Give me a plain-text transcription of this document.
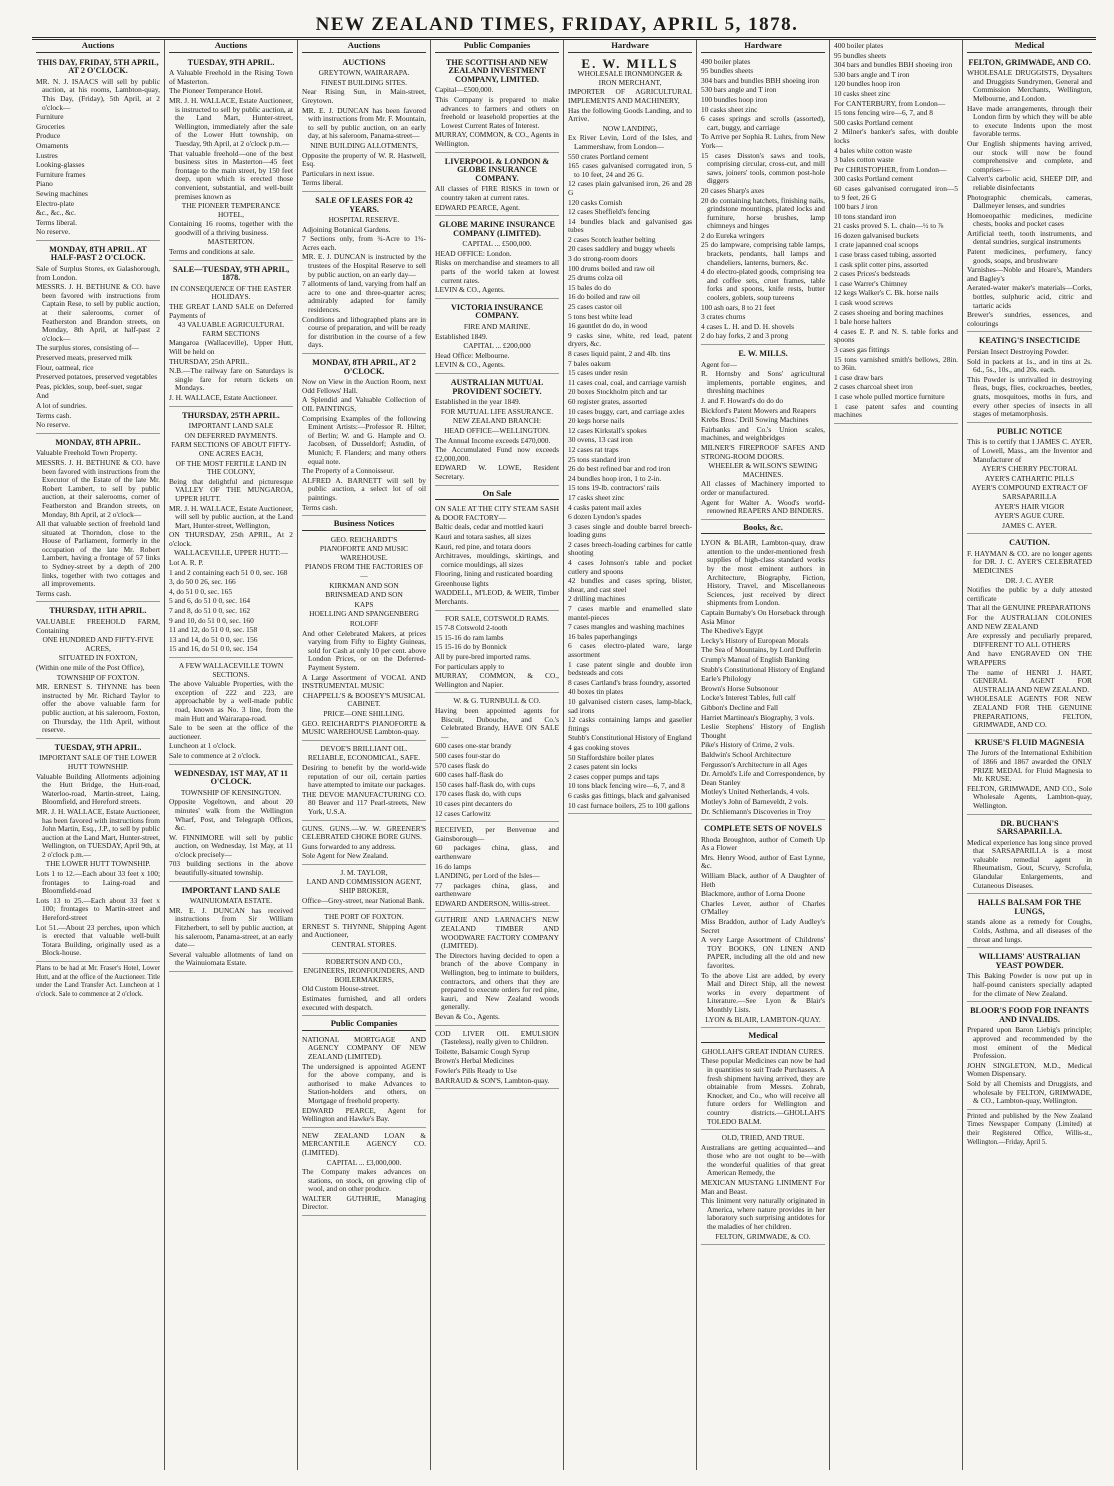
NEW ZEALAND TIMES, FRIDAY, APRIL 5, 1878.
Auctions
THIS DAY, FRIDAY, 5TH APRIL, AT 2 O'CLOCK.

MR. N. J. ISAACS will sell by public auction, at his rooms, Lambton-quay, This Day, (Friday), 5th April, at 2 o'clock—

Furniture

Groceries

Produce

Ornaments

Lustres

Looking-glasses

Furniture frames

Piano

Sewing machines

Electro-plate

&c., &c., &c.

Terms liberal.

No reserve.

MONDAY, 8TH APRIL. AT HALF-PAST 2 O'CLOCK.

Sale of Surplus Stores, ex Galashorough, from London.

MESSRS. J. H. BETHUNE & CO. have been favored with instructions from Captain Rese, to sell by public auction, at their salerooms, corner of Featherston and Brandon streets, on Monday, 8th April, at half-past 2 o'clock—

The surplus stores, consisting of—

Preserved meats, preserved milk

Flour, oatmeal, rice

Preserved potatoes, preserved vegetables

Peas, pickles, soup, beef-suet, sugar

And

A lot of sundries.

Terms cash.

No reserve.

MONDAY, 8TH APRIL.

Valuable Freehold Town Property.

MESSRS. J. H. BETHUNE & CO. have been favored with instructions from the Executor of the Estate of the late Mr. Robert Lambert, to sell by public auction, at their salerooms, corner of Featherston and Brandon streets, on Monday, 8th April, at 2 o'clock—

All that valuable section of freehold land situated at Thorndon, close to the House of Parliament, formerly in the occupation of the late Mr. Robert Lambert, having a frontage of 57 links to Sydney-street by a depth of 200 links, together with two cottages and all improvements.

Terms cash.

THURSDAY, 11TH APRIL.

VALUABLE FREEHOLD FARM, Containing

ONE HUNDRED AND FIFTY-FIVE ACRES,

SITUATED IN FOXTON,

(Within one mile of the Post Office),

TOWNSHIP OF FOXTON.

MR. ERNEST S. THYNNE has been instructed by Mr. Richard Taylor to offer the above valuable farm for public auction, at his saleroom, Foxton, on Thursday, the 11th April, without reserve.

TUESDAY, 9TH APRIL.

IMPORTANT SALE OF THE LOWER HUTT TOWNSHIP.

Valuable Building Allotments adjoining the Hutt Bridge, the Hutt-road, Waterloo-road, Martin-street, Laing, Bloomfield, and Hereford streets.

MR. J. H. WALLACE, Estate Auctioneer, has been favored with instructions from John Martin, Esq., J.P., to sell by public auction at the Land Mart, Hunter-street, Wellington, on TUESDAY, April 9th, at 2 o'clock p.m.—

THE LOWER HUTT TOWNSHIP.

Lots 1 to 12.—Each about 33 feet x 100; frontages to Laing-road and Bloomfield-road

Lots 13 to 25.—Each about 33 feet x 100; frontages to Martin-street and Hereford-street

Lot 51.—About 23 perches, upon which is erected that valuable well-built Totara Building, originally used as a Block-house.

Plans to be had at Mr. Fraser's Hotel, Lower Hutt, and at the office of the Auctioneer. Title under the Land Transfer Act. Luncheon at 1 o'clock. Sale to commence at 2 o'clock.
Auctions
TUESDAY, 9TH APRIL.

A Valuable Freehold in the Rising Town of Masterton.

The Pioneer Temperance Hotel.

MR. J. H. WALLACE, Estate Auctioneer, is instructed to sell by public auction, at the Land Mart, Hunter-street, Wellington, immediately after the sale of the Lower Hutt township, on Tuesday, 9th April, at 2 o'clock p.m.—

That valuable freehold—one of the best business sites in Masterton—45 feet frontage to the main street, by 150 feet deep, upon which is erected those convenient, substantial, and well-built premises known as

THE PIONEER TEMPERANCE HOTEL,

Containing 16 rooms, together with the goodwill of a thriving business.

MASTERTON.

Terms and conditions at sale.

SALE—TUESDAY, 9TH APRIL, 1878.

IN CONSEQUENCE OF THE EASTER HOLIDAYS.

THE GREAT LAND SALE on Deferred Payments of

43 VALUABLE AGRICULTURAL FARM SECTIONS

Mangaroa (Wallaceville), Upper Hutt, Will be held on

THURSDAY, 25th APRIL.

N.B.—The railway fare on Saturdays is single fare for return tickets on Mondays.

J. H. WALLACE, Estate Auctioneer.

THURSDAY, 25TH APRIL.

IMPORTANT LAND SALE

ON DEFERRED PAYMENTS.

FARM SECTIONS OF ABOUT FIFTY-ONE ACRES EACH,

OF THE MOST FERTILE LAND IN THE COLONY,

Being that delightful and picturesque VALLEY OF THE MUNGAROA, UPPER HUTT.

MR. J. H. WALLACE, Estate Auctioneer, will sell by public auction, at the Land Mart, Hunter-street, Wellington,

ON THURSDAY, 25th APRIL, At 2 o'clock.

WALLACEVILLE, UPPER HUTT:—

Lot A. R. P.

1 and 2 containing each 51 0 0, sec. 168

3, do 50 0 26, sec. 166

4, do 51 0 0, sec. 165

5 and 6, do 51 0 0, sec. 164

7 and 8, do 51 0 0, sec. 162

9 and 10, do 51 0 0, sec. 160

11 and 12, do 51 0 0, sec. 158

13 and 14, do 51 0 0, sec. 156

15 and 16, do 51 0 0, sec. 154

A FEW WALLACEVILLE TOWN SECTIONS.

The above Valuable Properties, with the exception of 222 and 223, are approachable by a well-made public road, known as No. 3 line, from the main Hutt and Wairarapa-road.

Sale to be seen at the office of the auctioneer.

Luncheon at 1 o'clock.

Sale to commence at 2 o'clock.

WEDNESDAY, 1ST MAY, AT 11 O'CLOCK.

TOWNSHIP OF KENSINGTON.

Opposite Vogeltown, and about 20 minutes' walk from the Wellington Wharf, Post, and Telegraph Offices, &c.

W. FINNIMORE will sell by public auction, on Wednesday, 1st May, at 11 o'clock precisely—

703 building sections in the above beautifully-situated township.

IMPORTANT LAND SALE

WAINUIOMATA ESTATE.

MR. E. J. DUNCAN has received instructions from Sir William Fitzherbert, to sell by public auction, at his saleroom, Panama-street, at an early date—

Several valuable allotments of land on the Wainuiomata Estate.

Auctions
AUCTIONS

GREYTOWN, WAIRARAPA.

FINEST BUILDING SITES.

Near Rising Sun, in Main-street, Greytown.

MR. E. J. DUNCAN has been favored with instructions from Mr. F. Mountain, to sell by public auction, on an early day, at his saleroom, Panama-street—

NINE BUILDING ALLOTMENTS,

Opposite the property of W. R. Hastwell, Esq.

Particulars in next issue.

Terms liberal.

SALE OF LEASES FOR 42 YEARS.

HOSPITAL RESERVE.

Adjoining Botanical Gardens.

7 Sections only, from ¾-Acre to 1¾-Acres each.

MR. E. J. DUNCAN is instructed by the trustees of the Hospital Reserve to sell by public auction, on an early day—

7 allotments of land, varying from half an acre to one and three-quarter acres; admirably adapted for family residences.

Conditions and lithographed plans are in course of preparation, and will be ready for distribution in the course of a few days.

MONDAY, 8TH APRIL, AT 2 O'CLOCK.

Now on View in the Auction Room, next Odd Fellows' Hall.

A Splendid and Valuable Collection of OIL PAINTINGS,

Comprising Examples of the following Eminent Artists:—Professor R. Hilter, of Berlin; W. and G. Hample and O. Jacobsen, of Dusseldorf; Astudin, of Munich; F. Flanders; and many others equal note.

The Property of a Connoisseur.

ALFRED A. BARNETT will sell by public auction, a select lot of oil paintings.

Terms cash.

Business Notices

GEO. REICHARDT'S

PIANOFORTE AND MUSIC WAREHOUSE.

PIANOS FROM THE FACTORIES OF—

KIRKMAN AND SON

BRINSMEAD AND SON

KAPS

HOELLING AND SPANGENBERG

ROLOFF

And other Celebrated Makers, at prices varying from Fifty to Eighty Guineas, sold for Cash at only 10 per cent. above London Prices, or on the Deferred-Payment System.

A Large Assortment of VOCAL AND INSTRUMENTAL MUSIC

CHAPPELL'S & BOOSEY'S MUSICAL CABINET.

PRICE—ONE SHILLING.

GEO. REICHARDT'S PIANOFORTE & MUSIC WAREHOUSE Lambton-quay.

DEVOE'S BRILLIANT OIL.

RELIABLE, ECONOMICAL, SAFE.

Desiring to benefit by the world-wide reputation of our oil, certain parties have attempted to imitate our packages.

THE DEVOE MANUFACTURING CO. 80 Beaver and 117 Pearl-streets, New York, U.S.A.

GUNS. GUNS.—W. W. GREENER'S CELEBRATED CHOKE BORE GUNS.

Guns forwarded to any address.

Sole Agent for New Zealand.

J. M. TAYLOR,

LAND AND COMMISSION AGENT, SHIP BROKER,

Office—Grey-street, near National Bank.

THE PORT OF FOXTON.

ERNEST S. THYNNE, Shipping Agent and Auctioneer,

CENTRAL STORES.

ROBERTSON AND CO.,

ENGINEERS, IRONFOUNDERS, AND BOILERMAKERS,

Old Custom House-street.

Estimates furnished, and all orders executed with despatch.

Public Companies

NATIONAL MORTGAGE AND AGENCY COMPANY OF NEW ZEALAND (LIMITED).

The undersigned is appointed AGENT for the above company, and is authorised to make Advances to Station-holders and others, on Mortgage of freehold property.

EDWARD PEARCE, Agent for Wellington and Hawke's Bay.

NEW ZEALAND LOAN & MERCANTILE AGENCY CO. (LIMITED).

CAPITAL ... £3,000,000.

The Company makes advances on stations, on stock, on growing clip of wool, and on other produce.

WALTER GUTHRIE, Managing Director.

Public Companies
THE SCOTTISH AND NEW ZEALAND INVESTMENT COMPANY, LIMITED.

Capital—£500,000.

This Company is prepared to make advances to farmers and others on freehold or leasehold properties at the Lowest Current Rates of Interest.

MURRAY, COMMON, & CO., Agents in Wellington.

LIVERPOOL & LONDON & GLOBE INSURANCE COMPANY.

All classes of FIRE RISKS in town or country taken at current rates.

EDWARD PEARCE, Agent.

GLOBE MARINE INSURANCE COMPANY (LIMITED).

CAPITAL ... £500,000.

HEAD OFFICE: London.

Risks on merchandise and steamers to all parts of the world taken at lowest current rates.

LEVIN & CO., Agents.

VICTORIA INSURANCE COMPANY.

FIRE AND MARINE.

Established 1849.

CAPITAL ... £200,000

Head Office: Melbourne.

LEVIN & CO., Agents.

AUSTRALIAN MUTUAL PROVIDENT SOCIETY.

Established in the year 1849.

FOR MUTUAL LIFE ASSURANCE.

NEW ZEALAND BRANCH:

HEAD OFFICE—WELLINGTON.

The Annual Income exceeds £470,000.

The Accumulated Fund now exceeds £2,000,000.

EDWARD W. LOWE, Resident Secretary.

On Sale

ON SALE AT THE CITY STEAM SASH & DOOR FACTORY—

Baltic deals, cedar and mottled kauri

Kauri and totara sashes, all sizes

Kauri, red pine, and totara doors

Architraves, mouldings, skirtings, and cornice mouldings, all sizes

Flooring, lining and rusticated boarding

Greenhouse lights

WADDELL, M'LEOD, & WEIR, Timber Merchants.

FOR SALE, COTSWOLD RAMS.

15 7-8 Cotswold 2-tooth

15 15-16 do ram lambs

15 15-16 do by Bonnick

All by pure-bred imported rams.

For particulars apply to

MURRAY, COMMON, & CO., Wellington and Napier.

W. & G. TURNBULL & CO.

Having been appointed agents for Biscuit, Dubouche, and Co.'s Celebrated Brandy, HAVE ON SALE—

600 cases one-star brandy

500 cases four-star do

570 cases flask do

600 cases half-flask do

150 cases half-flask do, with cups

170 cases flask do, with cups

10 cases pint decanters do

12 cases Carlowitz

RECEIVED, per Benvenue and Gainsborough—

60 packages china, glass, and earthenware

16 do lamps

LANDING, per Lord of the Isles—

77 packages china, glass, and earthenware

EDWARD ANDERSON, Willis-street.

GUTHRIE AND LARNACH'S NEW ZEALAND TIMBER AND WOODWARE FACTORY COMPANY (LIMITED).

The Directors having decided to open a branch of the above Company in Wellington, beg to intimate to builders, contractors, and others that they are prepared to execute orders for red pine, kauri, and New Zealand woods generally.

Bevan & Co., Agents.

COD LIVER OIL EMULSION (Tasteless), really given to Children.

Toilette, Balsamic Cough Syrup

Brown's Herbal Medicines

Fowler's Pills Ready to Use

BARRAUD & SON'S, Lambton-quay.

Hardware
E. W. MILLS

WHOLESALE IRONMONGER & IRON MERCHANT,

IMPORTER OF AGRICULTURAL IMPLEMENTS AND MACHINERY,

Has the following Goods Landing, and to Arrive.

NOW LANDING,

Ex River Levin, Lord of the Isles, and Lammershaw, from London—

550 crates Portland cement

165 cases galvanised corrugated iron, 5 to 10 feet, 24 and 26 G.

12 cases plain galvanised iron, 26 and 28 G

120 casks Cornish

12 cases Sheffield's fencing

14 bundles black and galvanised gas tubes

2 cases Scotch leather belting

20 cases saddlery and buggy wheels

3 do strong-room doors

100 drums boiled and raw oil

25 drums colza oil

15 bales do do

16 do boiled and raw oil

25 cases castor oil

5 tons best white lead

16 gauntlet do do, in wood

9 casks sine, white, red lead, patent dryers, &c.

8 cases liquid paint, 2 and 4lb. tins

7 bales oakum

15 cases under resin

11 cases coal, coal, and carriage varnish

20 boxes Stockholm pitch and tar

60 register grates, assorted

10 cases buggy, cart, and carriage axles

20 kegs horse nails

12 cases Kirkstall's spokes

30 ovens, 13 cast iron

12 cases rat traps

25 tons standard iron

26 do best refined bar and rod iron

24 bundles hoop iron, 1 to 2-in.

15 tons 19-lb. contractors' rails

17 casks sheet zinc

4 casks patent mail axles

6 dozen Lyndon's spades

3 cases single and double barrel breech-loading guns

2 cases breech-loading carbines for cattle shooting

4 cases Johnson's table and pocket cutlery and spoons

42 bundles and cases spring, blister, shear, and cast steel

2 drilling machines

7 cases marble and enamelled slate mantel-pieces

7 cases mangles and washing machines

16 bales paperhangings

6 cases electro-plated ware, large assortment

1 case patent single and double iron bedsteads and cots

8 cases Cartland's brass foundry, assorted

40 boxes tin plates

10 galvanised cistern cases, lamp-black, sad irons

12 casks containing lamps and gaselier fittings

Stubb's Constitutional History of England

4 gas cooking stoves

50 Staffordshire boiler plates

2 cases patent sin locks

2 cases copper pumps and taps

10 tons black fencing wire—6, 7, and 8

6 casks gas fittings, black and galvanised

10 cast furnace boilers, 25 to 100 gallons

Hardware

490 boiler plates

95 bundles sheets

304 bars and bundles BBH shoeing iron

530 bars angle and T iron

100 bundles hoop iron

10 casks sheet zinc

6 cases springs and scrolls (assorted), cart, buggy, and carriage

To Arrive per Sophia R. Luhrs, from New York—

15 cases Disston's saws and tools, comprising circular, cross-cut, and mill saws, joiners' tools, common post-hole diggers

20 cases Sharp's axes

20 do containing hatchets, finishing nails, grindstone mountings, plated locks and furniture, horse brushes, lamp chimneys and hinges

2 do Eureka wringers

25 do lampware, comprising table lamps, brackets, pendants, hall lamps and chandeliers, lanterns, burners, &c.

4 do electro-plated goods, comprising tea and coffee sets, cruet frames, table forks and spoons, knife rests, butter coolers, goblets, soup tureens

100 ash oars, 8 to 21 feet

3 crates churns

4 cases L. H. and D. H. shovels

2 do hay forks, 2 and 3 prong

E. W. MILLS.

Agent for—

R. Hornsby and Sons' agricultural implements, portable engines, and threshing machines

J. and F. Howard's do do do

Bickford's Patent Mowers and Reapers

Krebs Bros.' Drill Sowing Machines

Fairbanks and Co.'s Union scales, machines, and weighbridges

MILNER'S FIREPROOF SAFES AND STRONG-ROOM DOORS.

WHEELER & WILSON'S SEWING MACHINES.

All classes of Machinery imported to order or manufactured.

Agent for Walter A. Wood's world-renowned REAPERS AND BINDERS.

Books, &c.

LYON & BLAIR, Lambton-quay, draw attention to the under-mentioned fresh supplies of high-class standard works by the most eminent authors in Architecture, Biography, Fiction, History, Travel, and Miscellaneous Sciences, just received by direct shipments from London.

Captain Burnaby's On Horseback through Asia Minor

The Khedive's Egypt

Lecky's History of European Morals

The Sea of Mountains, by Lord Dufferin

Crump's Manual of English Banking

Stubb's Constitutional History of England

Earle's Philology

Brown's Horse Subsonour

Locke's Interest Tables, full calf

Gibbon's Decline and Fall

Harriet Martineau's Biography, 3 vols.

Leslie Stephens' History of English Thought

Pike's History of Crime, 2 vols.

Baldwin's School Architecture

Fergusson's Architecture in all Ages

Dr. Arnold's Life and Correspondence, by Dean Stanley

Motley's United Netherlands, 4 vols.

Motley's John of Barneveldt, 2 vols.

Dr. Schliemann's Discoveries in Troy

COMPLETE SETS OF NOVELS

Rhoda Broughton, author of Cometh Up As a Flower

Mrs. Henry Wood, author of East Lynne, &c.

William Black, author of A Daughter of Heth

Blackmore, author of Lorna Doone

Charles Lever, author of Charles O'Malley

Miss Braddon, author of Lady Audley's Secret

A very Large Assortment of Childrens' TOY BOOKS, ON LINEN AND PAPER, including all the old and new favorites.

To the above List are added, by every Mail and Direct Ship, all the newest works in every department of Literature.—See Lyon & Blair's Monthly Lists.

LYON & BLAIR, LAMBTON-QUAY.

Medical

GHOLLAH'S GREAT INDIAN CURES.

These popular Medicines can now be had in quantities to suit Trade Purchasers. A fresh shipment having arrived, they are obtainable from Messrs. Zohrab, Knocker, and Co., who will receive all future orders for Wellington and country districts.—GHOLLAH'S TOLEDO BALM.

OLD, TRIED, AND TRUE.

Australians are getting acquainted—and those who are not ought to be—with the wonderful qualities of that great American Remedy, the

MEXICAN MUSTANG LINIMENT For Man and Beast.

This liniment very naturally originated in America, where nature provides in her laboratory such surprising antidotes for the maladies of her children.

FELTON, GRIMWADE, & CO.

400 boiler plates

95 bundles sheets

304 bars and bundles BBH shoeing iron

530 bars angle and T iron

120 bundles hoop iron

10 casks sheet zinc

For CANTERBURY, from London—

15 tons fencing wire—6, 7, and 8

500 casks Portland cement

2 Milner's banker's safes, with double locks

4 bales white cotton waste

3 bales cotton waste

Per CHRISTOPHER, from London—

300 casks Portland cement

60 cases galvanised corrugated iron—5 to 9 feet, 26 G

100 bars J iron

10 tons standard iron

21 casks proved S. L. chain—½ to ⅞

16 dozen galvanised buckets

1 crate japanned coal scoops

1 case brass cased tubing, assorted

1 cask split cotter pins, assorted

2 cases Prices's bedsteads

1 case Warrer's Chimney

12 kegs Walker's C. Bk. horse nails

1 cask wood screws

2 cases shoeing and boring machines

1 bale horse halters

4 cases E. P. and N. S. table forks and spoons

3 cases gas fittings

15 tons varnished smith's bellows, 28in. to 36in.

1 case draw bars

2 cases charcoal sheet iron

1 case whole pulled mortice furniture

1 case patent safes and counting machines

Medical
FELTON, GRIMWADE, AND CO.

WHOLESALE DRUGGISTS, Drysalters and Druggists Sundrymen, General and Commission Merchants, Wellington, Melbourne, and London.

Have made arrangements, through their London firm by which they will be able to execute Indents upon the most favorable terms.

Our English shipments having arrived, our stock will now be found comprehensive and complete, and comprises—

Calvert's carbolic acid, SHEEP DIP, and reliable disinfectants

Photographic chemicals, cameras, Dallmeyer lenses, and sundries

Homoeopathic medicines, medicine chests, books and pocket cases

Artificial teeth, tooth instruments, and dental sundries, surgical instruments

Patent medicines, perfumery, fancy goods, soaps, and brushware

Varnishes—Noble and Hoare's, Manders and Bagley's

Aerated-water maker's materials—Corks, bottles, sulphuric acid, citric and tartaric acids

Brewer's sundries, essences, and colourings

KEATING'S INSECTICIDE

Persian Insect Destroying Powder.

Sold in packets at 1s., and in tins at 2s. 6d., 5s., 10s., and 20s. each.

This Powder is unrivalled in destroying fleas, bugs, flies, cockroaches, beetles, gnats, mosquitoes, moths in furs, and every other species of insects in all stages of metamorphosis.

PUBLIC NOTICE

This is to certify that I JAMES C. AYER, of Lowell, Mass., am the Inventor and Manufacturer of

AYER'S CHERRY PECTORAL

AYER'S CATHARTIC PILLS

AYER'S COMPOUND EXTRACT OF SARSAPARILLA

AYER'S HAIR VIGOR

AYER'S AGUE CURE.

JAMES C. AYER.

CAUTION.

F. HAYMAN & CO. are no longer agents for DR. J. C. AYER'S CELEBRATED MEDICINES

DR. J. C. AYER

Notifies the public by a duly attested certificate

That all the GENUINE PREPARATIONS

For the AUSTRALIAN COLONIES AND NEW ZEALAND

Are expressly and peculiarly prepared, DIFFERENT TO ALL OTHERS

And have ENGRAVED ON THE WRAPPERS

The name of HENRI J. HART, GENERAL AGENT FOR AUSTRALIA AND NEW ZEALAND.

WHOLESALE AGENTS FOR NEW ZEALAND FOR THE GENUINE PREPARATIONS, FELTON, GRIMWADE, AND CO.

KRUSE'S FLUID MAGNESIA

The Jurors of the International Exhibition of 1866 and 1867 awarded the ONLY PRIZE MEDAL for Fluid Magnesia to Mr. KRUSE.

FELTON, GRIMWADE, AND CO., Sole Wholesale Agents, Lambton-quay, Wellington.

DR. BUCHAN'S SARSAPARILLA.

Medical experience has long since proved that SARSAPARILLA is a most valuable remedial agent in Rheumatism, Gout, Scurvy, Scrofula, Glandular Enlargements, and Cutaneous Diseases.

HALLS BALSAM FOR THE LUNGS,

stands alone as a remedy for Coughs, Colds, Asthma, and all diseases of the throat and lungs.

WILLIAMS' AUSTRALIAN YEAST POWDER.

This Baking Powder is now put up in half-pound canisters specially adapted for the climate of New Zealand.

BLOOR'S FOOD FOR INFANTS AND INVALIDS.

Prepared upon Baron Liebig's principle; approved and recommended by the most eminent of the Medical Profession.

JOHN SINGLETON, M.D., Medical Women Dispensary.

Sold by all Chemists and Druggists, and wholesale by FELTON, GRIMWADE, & CO., Lambton-quay, Wellington.

Printed and published by the New Zealand Times Newspaper Company (Limited) at their Registered Office, Willis-st., Wellington.—Friday, April 5.
